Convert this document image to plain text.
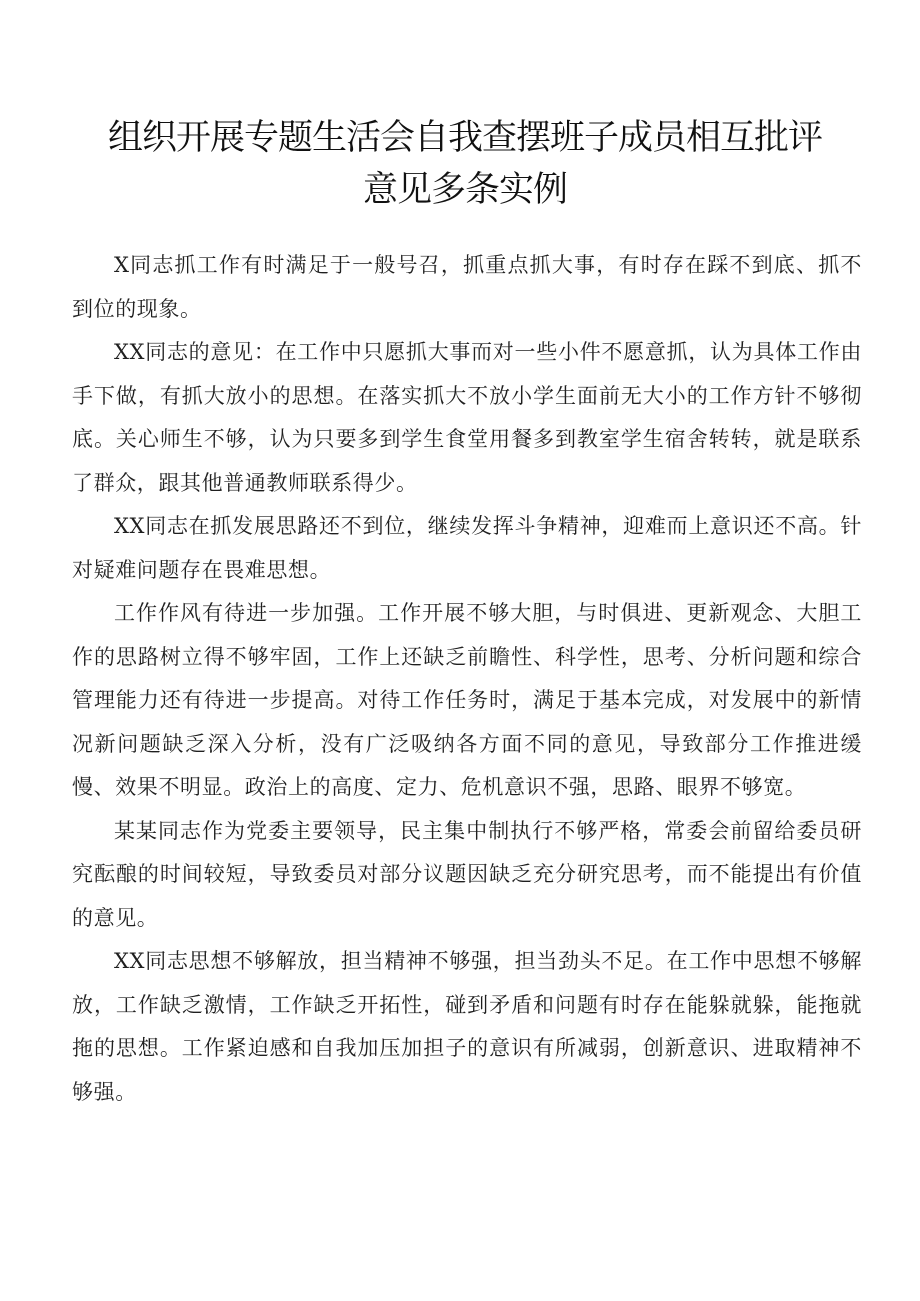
组织开展专题生活会自我查摆班子成员相互批评意见多条实例

X同志抓工作有时满足于一般号召，抓重点抓大事，有时存在踩不到底、抓不到位的现象。

XX同志的意见：在工作中只愿抓大事而对一些小件不愿意抓，认为具体工作由手下做，有抓大放小的思想。在落实抓大不放小学生面前无大小的工作方针不够彻底。关心师生不够，认为只要多到学生食堂用餐多到教室学生宿舍转转，就是联系了群众，跟其他普通教师联系得少。

XX同志在抓发展思路还不到位，继续发挥斗争精神，迎难而上意识还不高。针对疑难问题存在畏难思想。

工作作风有待进一步加强。工作开展不够大胆，与时俱进、更新观念、大胆工作的思路树立得不够牢固，工作上还缺乏前瞻性、科学性，思考、分析问题和综合管理能力还有待进一步提高。对待工作任务时，满足于基本完成，对发展中的新情况新问题缺乏深入分析，没有广泛吸纳各方面不同的意见，导致部分工作推进缓慢、效果不明显。政治上的高度、定力、危机意识不强，思路、眼界不够宽。

某某同志作为党委主要领导，民主集中制执行不够严格，常委会前留给委员研究酝酿的时间较短，导致委员对部分议题因缺乏充分研究思考，而不能提出有价值的意见。

XX同志思想不够解放，担当精神不够强，担当劲头不足。在工作中思想不够解放，工作缺乏激情，工作缺乏开拓性，碰到矛盾和问题有时存在能躲就躲，能拖就拖的思想。工作紧迫感和自我加压加担子的意识有所减弱，创新意识、进取精神不够强。
